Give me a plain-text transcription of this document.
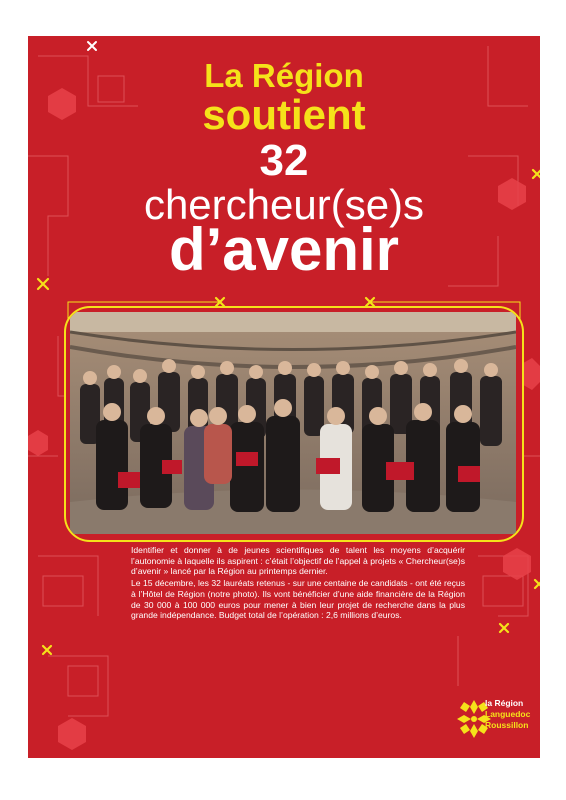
La Région
soutient
32
chercheur(se)s
d’avenir

Identifier et donner à de jeunes scientifiques de talent les moyens d’acquérir l’autonomie à laquelle ils aspirent : c’était l’objectif de l’appel à projets « Chercheur(se)s d’avenir » lancé par la Région au printemps dernier.

Le 15 décembre, les 32 lauréats retenus - sur une centaine de candidats - ont été reçus à l’Hôtel de Région (notre photo). Ils vont bénéficier d’une aide financière de la Région de 30 000 à 100 000 euros pour mener à bien leur projet de recherche dans la plus grande indépendance. Budget total de l’opération : 2,6 millions d’euros.

la Région
Languedoc
Roussillon
